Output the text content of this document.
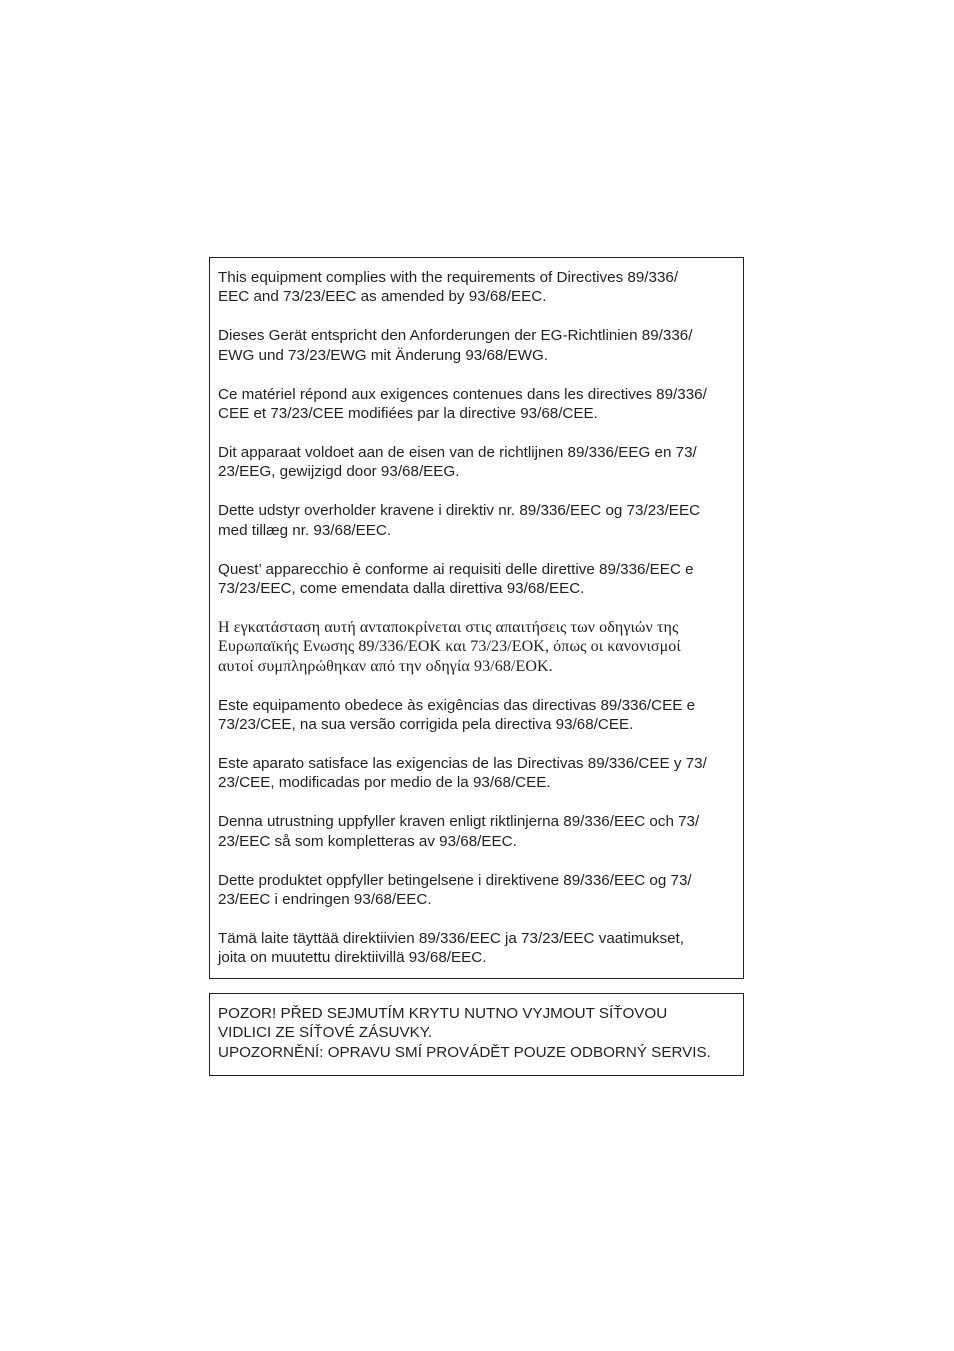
This equipment complies with the requirements of Directives 89/336/
EEC and 73/23/EEC as amended by 93/68/EEC.

Dieses Gerät entspricht den Anforderungen der EG-Richtlinien 89/336/
EWG und 73/23/EWG mit Änderung 93/68/EWG.

Ce matériel répond aux exigences contenues dans les directives 89/336/
CEE et 73/23/CEE modifiées par la directive 93/68/CEE.

Dit apparaat voldoet aan de eisen van de richtlijnen 89/336/EEG en 73/
23/EEG, gewijzigd door 93/68/EEG.

Dette udstyr overholder kravene i direktiv nr. 89/336/EEC og 73/23/EEC
med tillæg nr. 93/68/EEC.

Quest’ apparecchio è conforme ai requisiti delle direttive 89/336/EEC e
73/23/EEC, come emendata dalla direttiva 93/68/EEC.

Η εγκατάσταση αυτή ανταποκρίνεται στις απαιτήσεις των οδηγιών της
Ευρωπαϊκής Ενωσης 89/336/ΕΟΚ και 73/23/ΕΟΚ, όπως οι κανονισμοί
αυτοί συμπληρώθηκαν από την οδηγία 93/68/ΕΟΚ.

Este equipamento obedece às exigências das directivas 89/336/CEE e
73/23/CEE, na sua versão corrigida pela directiva 93/68/CEE.

Este aparato satisface las exigencias de las Directivas 89/336/CEE y 73/
23/CEE, modificadas por medio de la 93/68/CEE.

Denna utrustning uppfyller kraven enligt riktlinjerna 89/336/EEC och 73/
23/EEC så som kompletteras av 93/68/EEC.

Dette produktet oppfyller betingelsene i direktivene 89/336/EEC og 73/
23/EEC i endringen 93/68/EEC.

Tämä laite täyttää direktiivien 89/336/EEC ja 73/23/EEC vaatimukset,
joita on muutettu direktiivillä 93/68/EEC.

POZOR! PŘED SEJMUTÍM KRYTU NUTNO VYJMOUT SÍŤOVOU
VIDLICI ZE SÍŤOVÉ ZÁSUVKY.
UPOZORNĚNÍ: OPRAVU SMÍ PROVÁDĚT POUZE ODBORNÝ SERVIS.
